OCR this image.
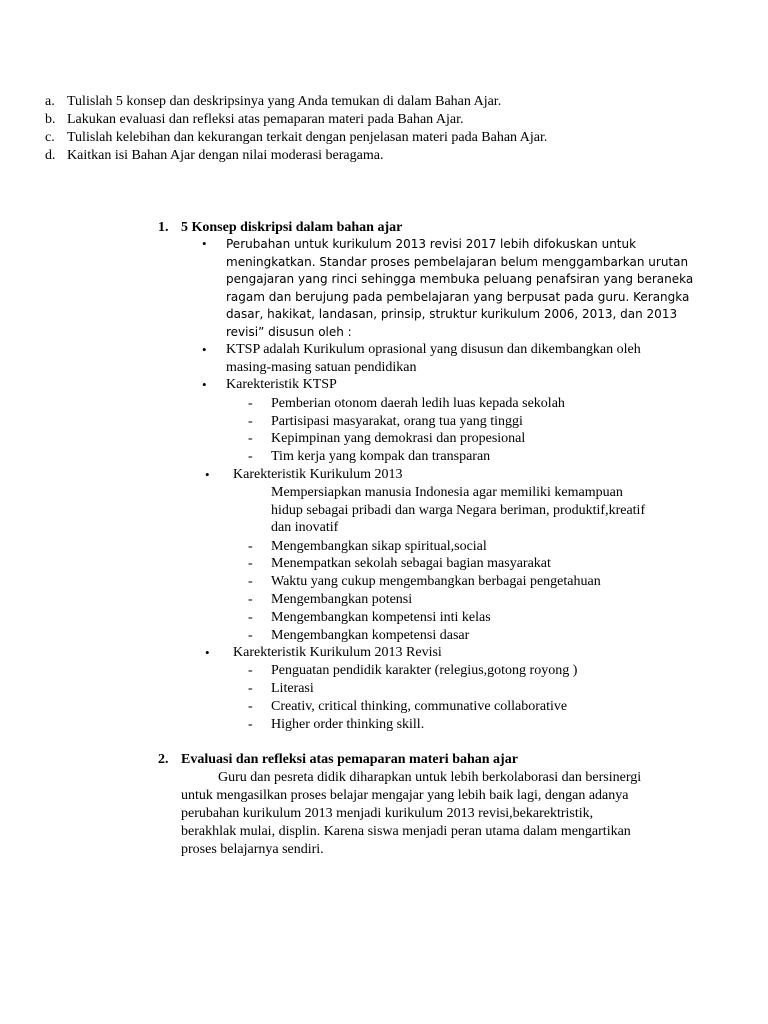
a. Tulislah 5 konsep dan deskripsinya yang Anda temukan di dalam Bahan Ajar.
b. Lakukan evaluasi dan refleksi atas pemaparan materi pada Bahan Ajar.
c. Tulislah kelebihan dan kekurangan terkait dengan penjelasan materi pada Bahan Ajar.
d. Kaitkan isi Bahan Ajar dengan nilai moderasi beragama.
1. 5 Konsep diskripsi dalam bahan ajar
• Perubahan untuk kurikulum 2013 revisi 2017 lebih difokuskan untuk
meningkatkan. Standar proses pembelajaran belum menggambarkan urutan
pengajaran yang rinci sehingga membuka peluang penafsiran yang beraneka
ragam dan berujung pada pembelajaran yang berpusat pada guru. Kerangka
dasar, hakikat, landasan, prinsip, struktur kurikulum 2006, 2013, dan 2013
revisi” disusun oleh :
• KTSP adalah Kurikulum oprasional yang disusun dan dikembangkan oleh
masing-masing satuan pendidikan
• Karekteristik KTSP
- Pemberian otonom daerah ledih luas kepada sekolah
- Partisipasi masyarakat, orang tua yang tinggi
- Kepimpinan yang demokrasi dan propesional
- Tim kerja yang kompak dan transparan
• Karekteristik Kurikulum 2013
Mempersiapkan manusia Indonesia agar memiliki kemampuan
hidup sebagai pribadi dan warga Negara beriman, produktif,kreatif
dan inovatif
- Mengembangkan sikap spiritual,social
- Menempatkan sekolah sebagai bagian masyarakat
- Waktu yang cukup mengembangkan berbagai pengetahuan
- Mengembangkan potensi
- Mengembangkan kompetensi inti kelas
- Mengembangkan kompetensi dasar
• Karekteristik Kurikulum 2013 Revisi
- Penguatan pendidik karakter (relegius,gotong royong )
- Literasi
- Creativ, critical thinking, communative collaborative
- Higher order thinking skill.
2. Evaluasi dan refleksi atas pemaparan materi bahan ajar
Guru dan pesreta didik diharapkan untuk lebih berkolaborasi dan bersinergi
untuk mengasilkan proses belajar mengajar yang lebih baik lagi, dengan adanya
perubahan kurikulum 2013 menjadi kurikulum 2013 revisi,bekarektristik,
berakhlak mulai, displin. Karena siswa menjadi peran utama dalam mengartikan
proses belajarnya sendiri.
